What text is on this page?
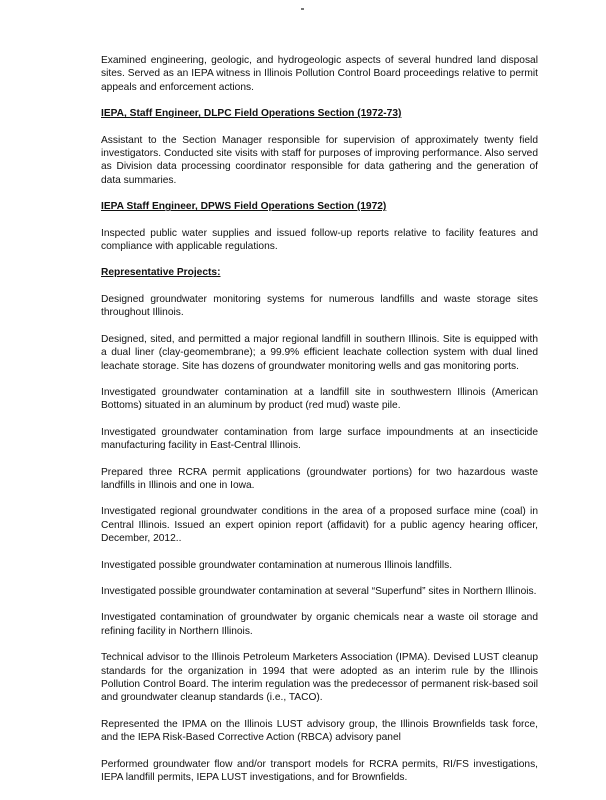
Examined engineering, geologic, and hydrogeologic aspects of several hundred land disposal sites. Served as an IEPA witness in Illinois Pollution Control Board proceedings relative to permit appeals and enforcement actions.

IEPA, Staff Engineer, DLPC Field Operations Section (1972-73)

Assistant to the Section Manager responsible for supervision of approximately twenty field investigators. Conducted site visits with staff for purposes of improving performance. Also served as Division data processing coordinator responsible for data gathering and the generation of data summaries.

IEPA Staff Engineer, DPWS Field Operations Section (1972)

Inspected public water supplies and issued follow-up reports relative to facility features and compliance with applicable regulations.

Representative Projects:

Designed groundwater monitoring systems for numerous landfills and waste storage sites throughout Illinois.
Designed, sited, and permitted a major regional landfill in southern Illinois. Site is equipped with a dual liner (clay-geomembrane); a 99.9% efficient leachate collection system with dual lined leachate storage. Site has dozens of groundwater monitoring wells and gas monitoring ports.
Investigated groundwater contamination at a landfill site in southwestern Illinois (American Bottoms) situated in an aluminum by product (red mud) waste pile.
Investigated groundwater contamination from large surface impoundments at an insecticide manufacturing facility in East-Central Illinois.
Prepared three RCRA permit applications (groundwater portions) for two hazardous waste landfills in Illinois and one in Iowa.
Investigated regional groundwater conditions in the area of a proposed surface mine (coal) in Central Illinois. Issued an expert opinion report (affidavit) for a public agency hearing officer, December, 2012..
Investigated possible groundwater contamination at numerous Illinois landfills.
Investigated possible groundwater contamination at several “Superfund” sites in Northern Illinois.
Investigated contamination of groundwater by organic chemicals near a waste oil storage and refining facility in Northern Illinois.
Technical advisor to the Illinois Petroleum Marketers Association (IPMA). Devised LUST cleanup standards for the organization in 1994 that were adopted as an interim rule by the Illinois Pollution Control Board. The interim regulation was the predecessor of permanent risk-based soil and groundwater cleanup standards (i.e., TACO).
Represented the IPMA on the Illinois LUST advisory group, the Illinois Brownfields task force, and the IEPA Risk-Based Corrective Action (RBCA) advisory panel
Performed groundwater flow and/or transport models for RCRA permits, RI/FS investigations, IEPA landfill permits, IEPA LUST investigations, and for Brownfields.
